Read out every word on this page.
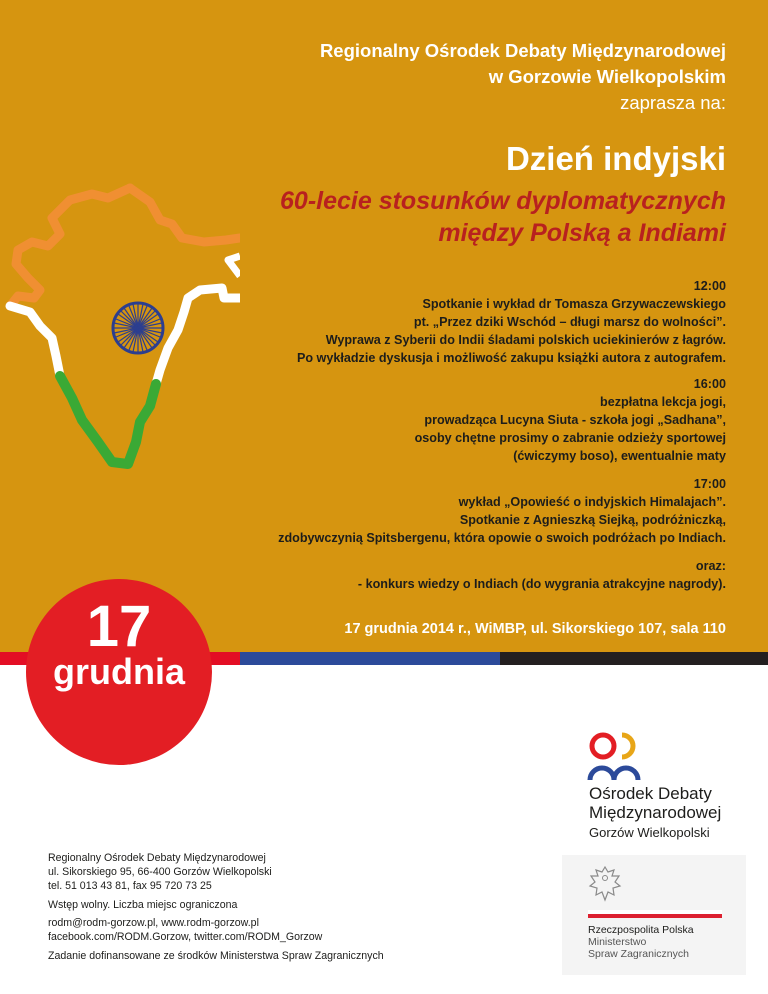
Regionalny Ośrodek Debaty Międzynarodowej

w Gorzowie Wielkopolskim

zaprasza na:

Dzień indyjski

60-lecie stosunków dyplomatycznych
między Polską a Indiami
12:00
Spotkanie i wykład dr Tomasza Grzywaczewskiego
pt. „Przez dziki Wschód – długi marsz do wolności”.
Wyprawa z Syberii do Indii śladami polskich uciekinierów z łagrów.
Po wykładzie dyskusja i możliwość zakupu książki autora z autografem.
16:00
bezpłatna lekcja jogi,
prowadząca Lucyna Siuta - szkoła jogi „Sadhana”,
osoby chętne prosimy o zabranie odzieży sportowej
(ćwiczymy boso), ewentualnie maty
17:00
wykład „Opowieść o indyjskich Himalajach”.
Spotkanie z Agnieszką Siejką, podróżniczką,
zdobywczynią Spitsbergenu, która opowie o swoich podróżach po Indiach.
oraz:
- konkurs wiedzy o Indiach (do wygrania atrakcyjne nagrody).
17 grudnia 2014 r., WiMBP, ul. Sikorskiego 107, sala 110
17
grudnia
Ośrodek Debaty
Międzynarodowej
Gorzów Wielkopolski
Regionalny Ośrodek Debaty Międzynarodowej
ul. Sikorskiego 95, 66-400 Gorzów Wielkopolski
tel. 51 013 43 81, fax 95 720 73 25
Wstęp wolny. Liczba miejsc ograniczona
rodm@rodm-gorzow.pl, www.rodm-gorzow.pl
facebook.com/RODM.Gorzow, twitter.com/RODM_Gorzow
Zadanie dofinansowane ze środków Ministerstwa Spraw Zagranicznych
Rzeczpospolita Polska
Ministerstwo
Spraw Zagranicznych
